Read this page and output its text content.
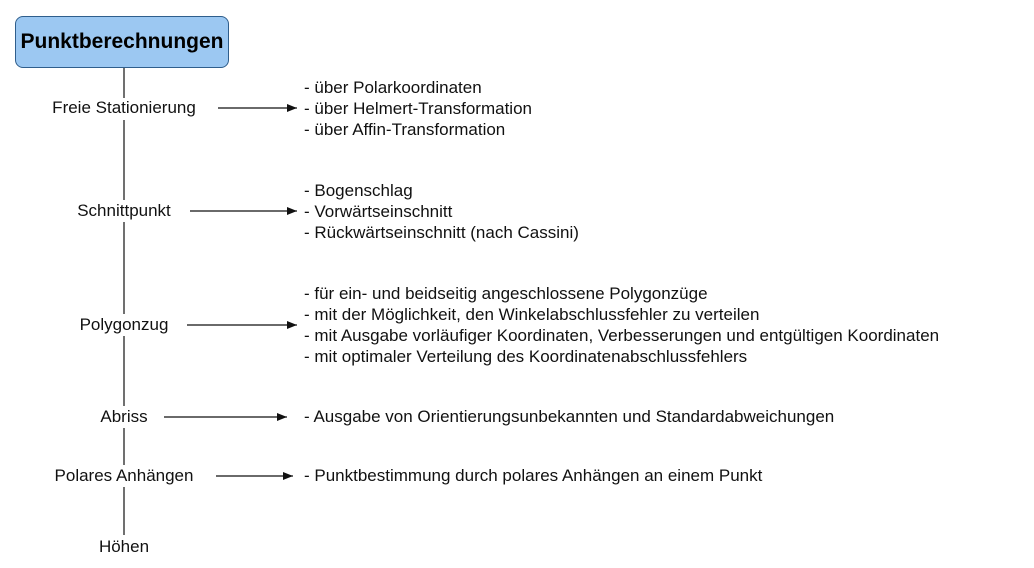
Punktberechnungen
Freie Stationierung
Schnittpunkt
Polygonzug
Abriss
Polares Anhängen
Höhen
- über Polarkoordinaten
- über Helmert-Transformation
- über Affin-Transformation
- Bogenschlag
- Vorwärtseinschnitt
- Rückwärtseinschnitt (nach Cassini)
- für ein- und beidseitig angeschlossene Polygonzüge
- mit der Möglichkeit, den Winkelabschlussfehler zu verteilen
- mit Ausgabe vorläufiger Koordinaten, Verbesserungen und entgültigen Koordinaten
- mit optimaler Verteilung des Koordinatenabschlussfehlers
- Ausgabe von Orientierungsunbekannten und Standardabweichungen
- Punktbestimmung durch polares Anhängen an einem Punkt
